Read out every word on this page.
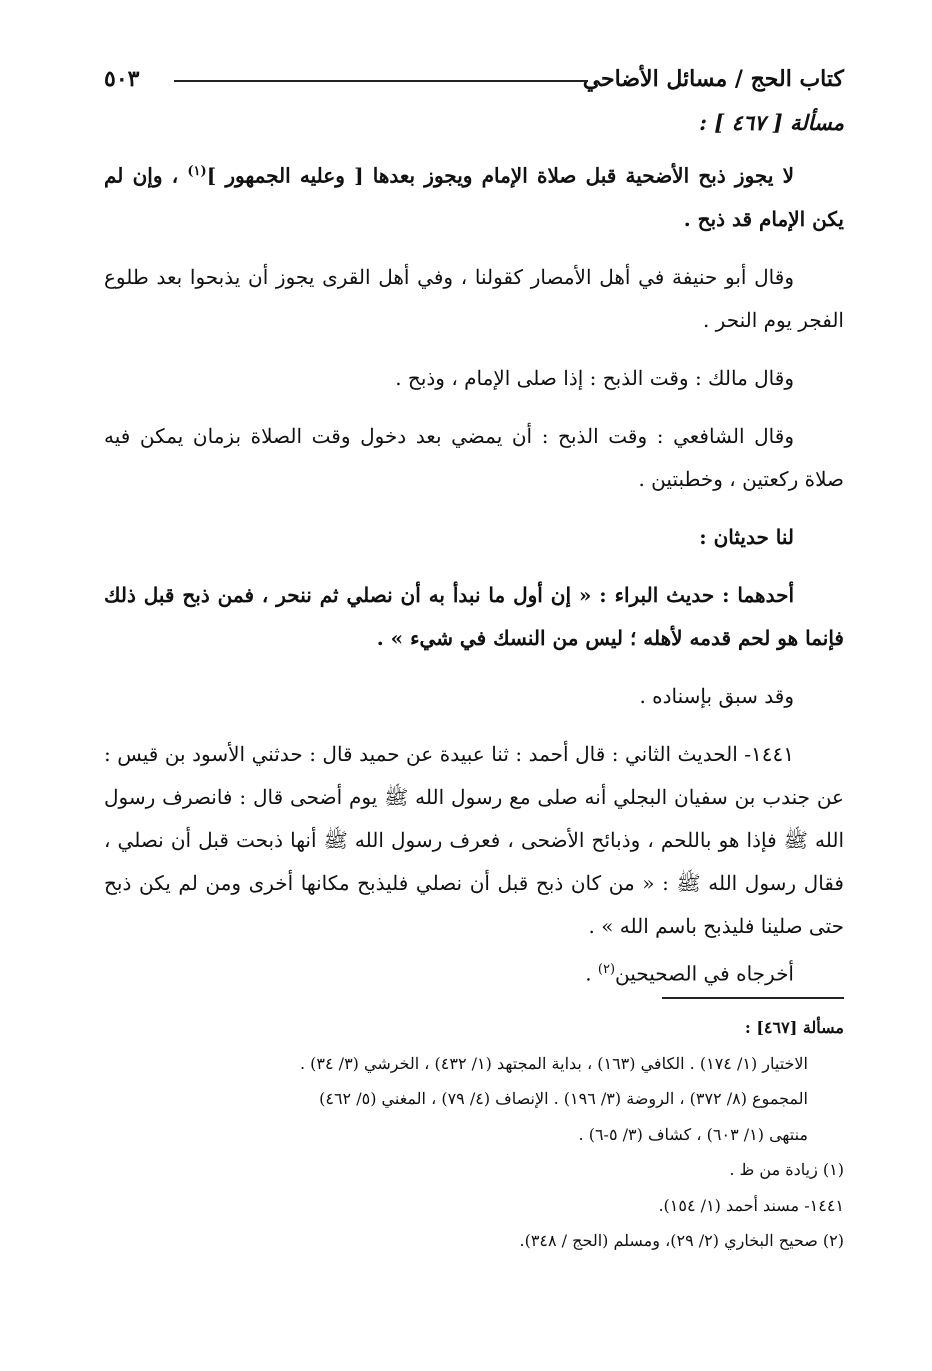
كتاب الحج / مسائل الأضاحي
٥٠٣
مسألة [ ٤٦٧ ] :

لا يجوز ذبح الأضحية قبل صلاة الإمام ويجوز بعدها [ وعليه الجمهور ]$^{(١)}$ ، وإن لم يكن الإمام قد ذبح .

وقال أبو حنيفة في أهل الأمصار كقولنا ، وفي أهل القرى يجوز أن يذبحوا بعد طلوع الفجر يوم النحر .

وقال مالك : وقت الذبح : إذا صلى الإمام ، وذبح .

وقال الشافعي : وقت الذبح : أن يمضي بعد دخول وقت الصلاة بزمان يمكن فيه صلاة ركعتين ، وخطبتين .

لنا حديثان :

أحدهما : حديث البراء : « إن أول ما نبدأ به أن نصلي ثم ننحر ، فمن ذبح قبل ذلك فإنما هو لحم قدمه لأهله ؛ ليس من النسك في شيء » .

وقد سبق بإسناده .

١٤٤١- الحديث الثاني : قال أحمد : ثنا عبيدة عن حميد قال : حدثني الأسود بن قيس : عن جندب بن سفيان البجلي أنه صلى مع رسول الله ﷺ يوم أضحى قال : فانصرف رسول الله ﷺ فإذا هو باللحم ، وذبائح الأضحى ، فعرف رسول الله ﷺ أنها ذبحت قبل أن نصلي ، فقال رسول الله ﷺ : « من كان ذبح قبل أن نصلي فليذبح مكانها أخرى ومن لم يكن ذبح حتى صلينا فليذبح باسم الله » .

أخرجاه في الصحيحين$^{(٢)}$ .

مسألة [٤٦٧] :
الاختيار (١/ ١٧٤) . الكافي (١٦٣) ، بداية المجتهد (١/ ٤٣٢) ، الخرشي (٣/ ٣٤) .
المجموع (٨/ ٣٧٢) ، الروضة (٣/ ١٩٦) . الإنصاف (٤/ ٧٩) ، المغني (٥/ ٤٦٢)
منتهى (١/ ٦٠٣) ، كشاف (٣/ ٥-٦) .
(١) زيادة من ظ .
١٤٤١- مسند أحمد (١/ ١٥٤).
(٢) صحيح البخاري (٢/ ٢٩)، ومسلم (الحج / ٣٤٨).
